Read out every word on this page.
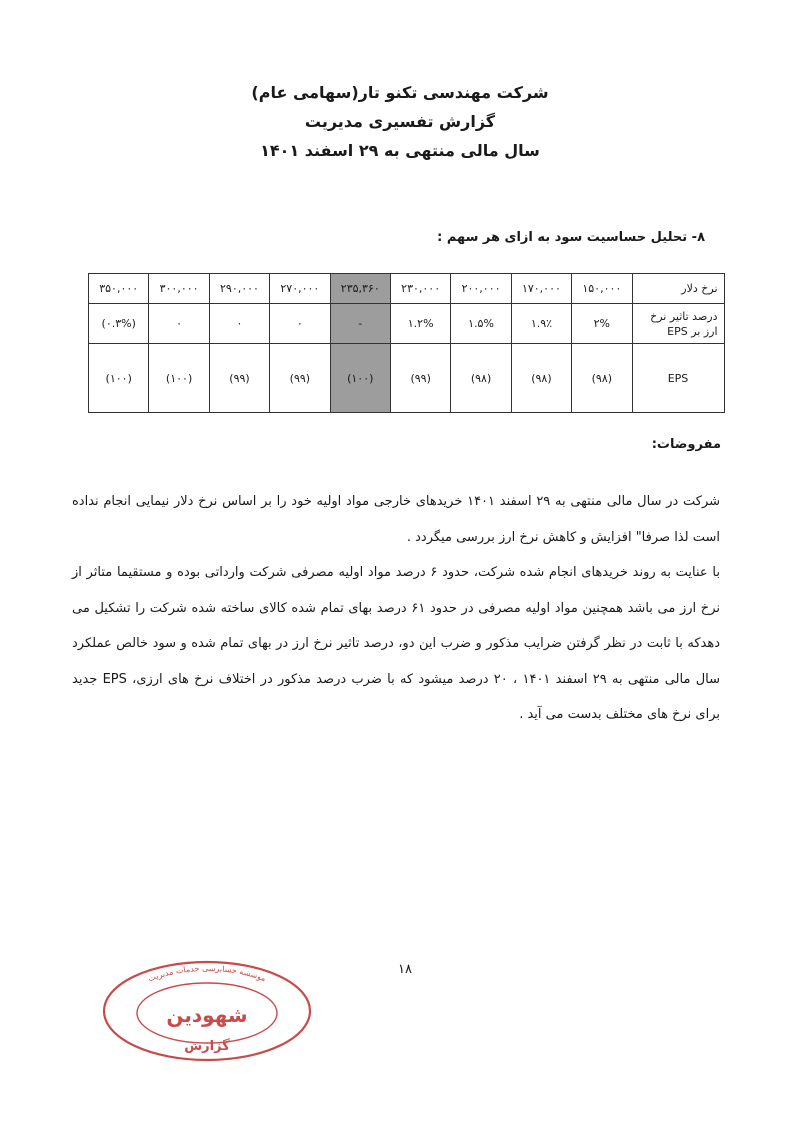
شرکت مهندسی تکنو تار(سهامی عام)
گزارش تفسیری مدیریت
سال مالی منتهی به ۲۹ اسفند ۱۴۰۱
۸- تحلیل حساسیت سود به ازای هر سهم :
نرخ دلار	۱۵۰,۰۰۰	۱۷۰,۰۰۰	۲۰۰,۰۰۰	۲۳۰,۰۰۰	۲۳۵,۳۶۰	۲۷۰,۰۰۰	۲۹۰,۰۰۰	۳۰۰,۰۰۰	۳۵۰,۰۰۰
درصد تاثیر نرخ
ارز بر EPS	۲%	۱.۹٪	۱.۵%	۱.۲%	-	۰	۰	۰	(۰.۳%)
EPS	(۹۸)	(۹۸)	(۹۸)	(۹۹)	(۱۰۰)	(۹۹)	(۹۹)	(۱۰۰)	(۱۰۰)
مفروضات:

شرکت در سال مالی منتهی به ۲۹ اسفند ۱۴۰۱ خریدهای خارجی مواد اولیه خود را بر اساس نرخ دلار نیمایی انجام نداده است لذا صرفا" افزایش و کاهش نرخ ارز بررسی میگردد .

با عنایت به روند خریدهای انجام شده شرکت، حدود ۶ درصد مواد اولیه مصرفی شرکت وارداتی بوده و مستقیما متاثر از نرخ ارز می باشد همچنین مواد اولیه مصرفی در حدود ۶۱ درصد بهای تمام شده کالای ساخته شده شرکت را تشکیل می دهدکه با ثابت در نظر گرفتن ضرایب مذکور و ضرب این دو، درصد تاثیر نرخ ارز در بهای تمام شده و سود خالص عملکرد سال مالی منتهی به ۲۹ اسفند ۱۴۰۱ ، ۲۰ درصد میشود که با ضرب درصد مذکور در اختلاف نرخ های ارزی، EPS جدید برای نرخ های مختلف بدست می آید .

۱۸
موسسه حسابرسی خدمات مدیریت
شهودین
گزارش
